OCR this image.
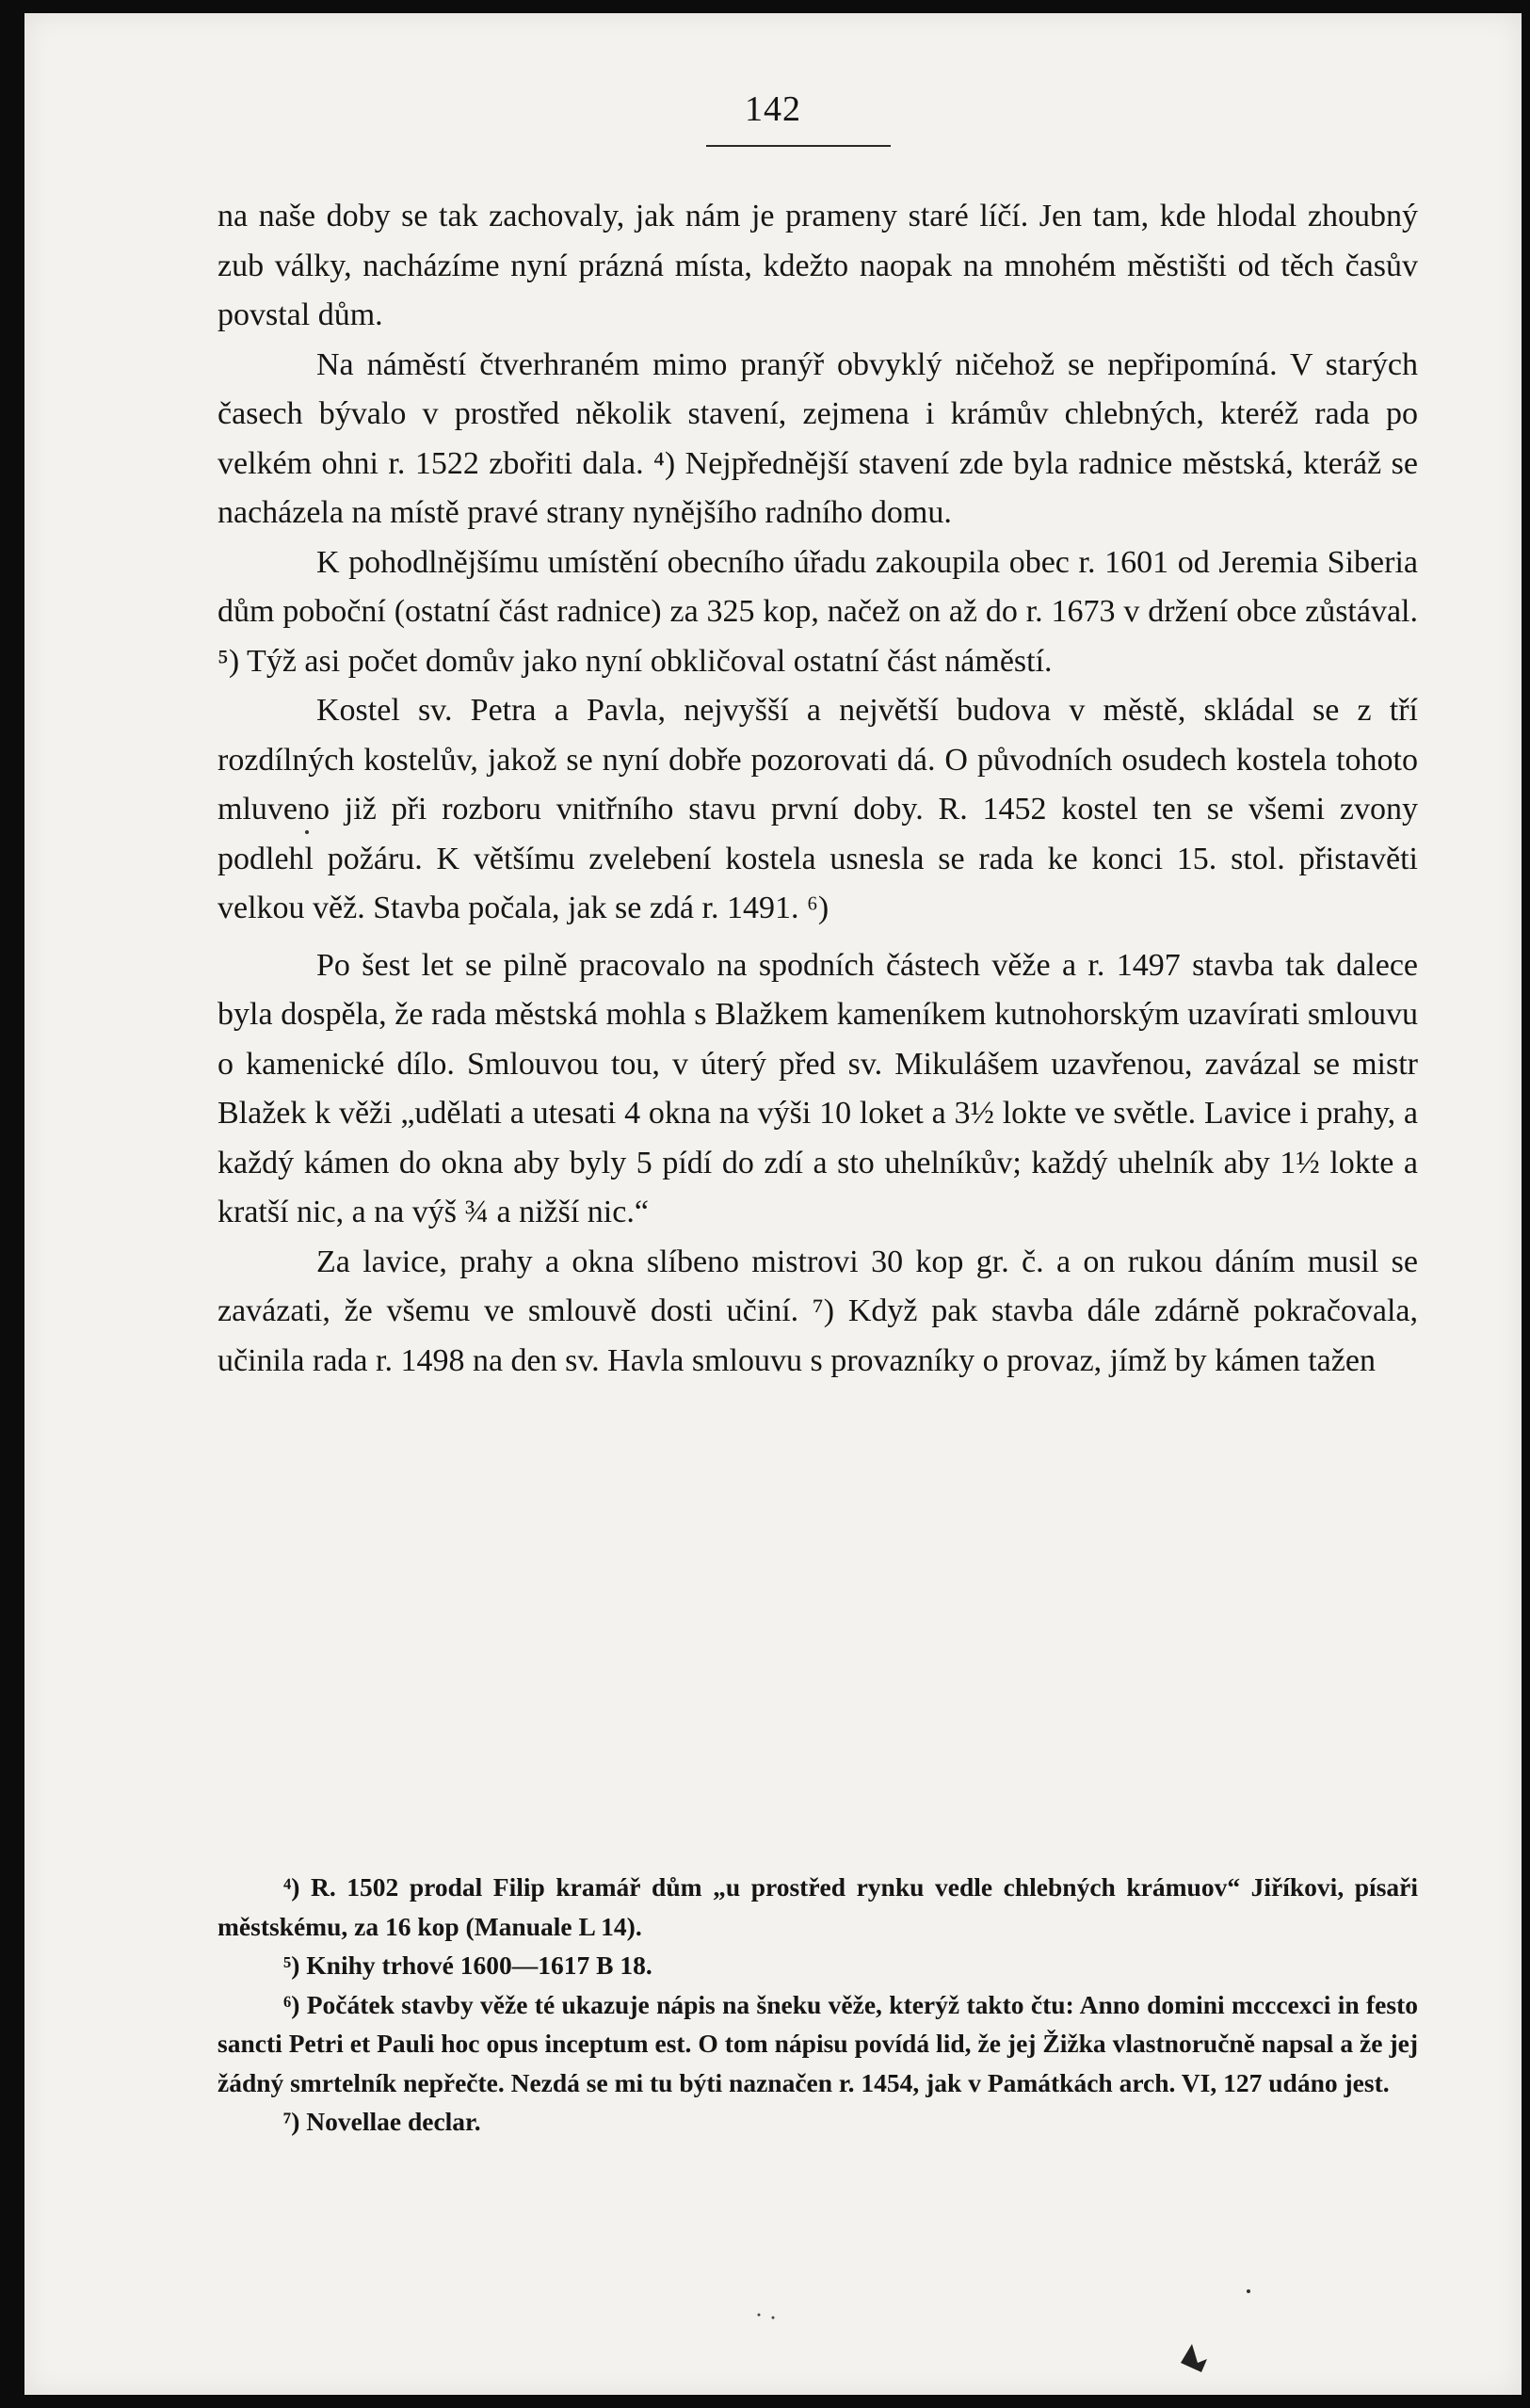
142

na naše doby se tak zachovaly, jak nám je prameny staré líčí. Jen tam, kde hlodal zhoubný zub války, nacházíme nyní prázná místa, kdežto naopak na mnohém městišti od těch časův povstal dům.

Na náměstí čtverhraném mimo pranýř obvyklý ničehož se nepřipomíná. V starých časech bývalo v prostřed několik stavení, zejmena i krámův chlebných, kteréž rada po velkém ohni r. 1522 zbořiti dala. ⁴) Nejpřednější stavení zde byla radnice městská, kteráž se nacházela na místě pravé strany nynějšího radního domu.

K pohodlnějšímu umístění obecního úřadu zakoupila obec r. 1601 od Jeremia Siberia dům poboční (ostatní část radnice) za 325 kop, načež on až do r. 1673 v držení obce zůstával. ⁵) Týž asi počet domův jako nyní obkličoval ostatní část náměstí.

Kostel sv. Petra a Pavla, nejvyšší a největší budova v městě, skládal se z tří rozdílných kostelův, jakož se nyní dobře pozorovati dá. O původních osudech kostela tohoto mluveno již při rozboru vnitřního stavu první doby. R. 1452 kostel ten se všemi zvony podlehl požáru. K většímu zvelebení kostela usnesla se rada ke konci 15. stol. přistavěti velkou věž. Stavba počala, jak se zdá r. 1491. ⁶)

Po šest let se pilně pracovalo na spodních částech věže a r. 1497 stavba tak dalece byla dospěla, že rada městská mohla s Blažkem kameníkem kutnohorským uzavírati smlouvu o kamenické dílo. Smlouvou tou, v úterý před sv. Mikulášem uzavřenou, zavázal se mistr Blažek k věži „udělati a utesati 4 okna na výši 10 loket a 3½ lokte ve světle. Lavice i prahy, a každý kámen do okna aby byly 5 pídí do zdí a sto uhelníkův; každý uhelník aby 1½ lokte a kratší nic, a na výš ¾ a nižší nic.“

Za lavice, prahy a okna slíbeno mistrovi 30 kop gr. č. a on rukou dáním musil se zavázati, že všemu ve smlouvě dosti učiní. ⁷) Když pak stavba dále zdárně pokračovala, učinila rada r. 1498 na den sv. Havla smlouvu s provazníky o provaz, jímž by kámen tažen

⁴) R. 1502 prodal Filip kramář dům „u prostřed rynku vedle chlebných krámuov“ Jiříkovi, písaři městskému, za 16 kop (Manuale L 14).

⁵) Knihy trhové 1600—1617 B 18.

⁶) Počátek stavby věže té ukazuje nápis na šneku věže, kterýž takto čtu: Anno domini mcccexci in festo sancti Petri et Pauli hoc opus inceptum est. O tom nápisu povídá lid, že jej Žižka vlastnoručně napsal a že jej žádný smrtelník nepřečte. Nezdá se mi tu býti naznačen r. 1454, jak v Památkách arch. VI, 127 udáno jest.

⁷) Novellae declar.
